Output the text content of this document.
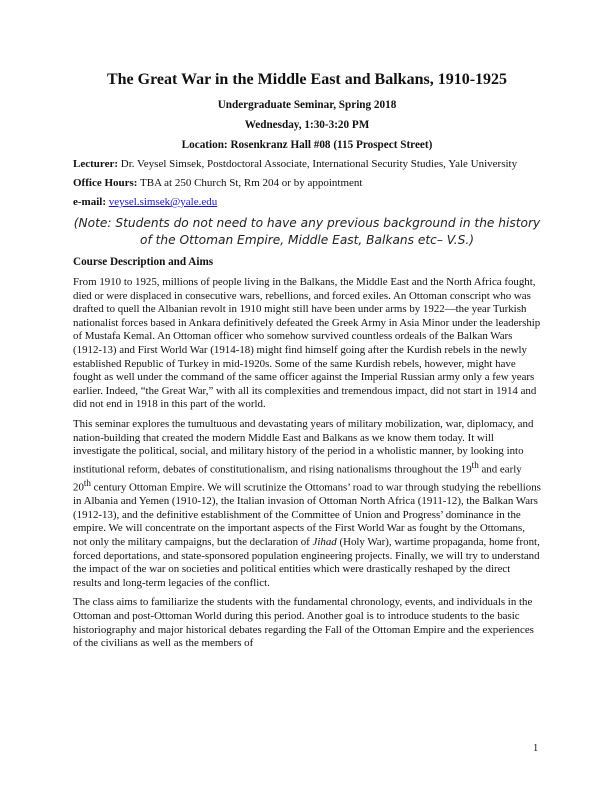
The Great War in the Middle East and Balkans, 1910-1925
Undergraduate Seminar, Spring 2018
Wednesday, 1:30-3:20 PM
Location: Rosenkranz Hall #08 (115 Prospect Street)
Lecturer: Dr. Veysel Simsek, Postdoctoral Associate, International Security Studies, Yale University
Office Hours: TBA at 250 Church St, Rm 204 or by appointment
e-mail: veysel.simsek@yale.edu
(Note: Students do not need to have any previous background in the history of the Ottoman Empire, Middle East, Balkans etc– V.S.)
Course Description and Aims

From 1910 to 1925, millions of people living in the Balkans, the Middle East and the North Africa fought, died or were displaced in consecutive wars, rebellions, and forced exiles. An Ottoman conscript who was drafted to quell the Albanian revolt in 1910 might still have been under arms by 1922—the year Turkish nationalist forces based in Ankara definitively defeated the Greek Army in Asia Minor under the leadership of Mustafa Kemal. An Ottoman officer who somehow survived countless ordeals of the Balkan Wars (1912-13) and First World War (1914-18) might find himself going after the Kurdish rebels in the newly established Republic of Turkey in mid-1920s. Some of the same Kurdish rebels, however, might have fought as well under the command of the same officer against the Imperial Russian army only a few years earlier. Indeed, “the Great War,” with all its complexities and tremendous impact, did not start in 1914 and did not end in 1918 in this part of the world.

This seminar explores the tumultuous and devastating years of military mobilization, war, diplomacy, and nation-building that created the modern Middle East and Balkans as we know them today. It will investigate the political, social, and military history of the period in a wholistic manner, by looking into institutional reform, debates of constitutionalism, and rising nationalisms throughout the 19th and early 20th century Ottoman Empire. We will scrutinize the Ottomans’ road to war through studying the rebellions in Albania and Yemen (1910-12), the Italian invasion of Ottoman North Africa (1911-12), the Balkan Wars (1912-13), and the definitive establishment of the Committee of Union and Progress’ dominance in the empire. We will concentrate on the important aspects of the First World War as fought by the Ottomans, not only the military campaigns, but the declaration of Jihad (Holy War), wartime propaganda, home front, forced deportations, and state-sponsored population engineering projects. Finally, we will try to understand the impact of the war on societies and political entities which were drastically reshaped by the direct results and long-term legacies of the conflict.

The class aims to familiarize the students with the fundamental chronology, events, and individuals in the Ottoman and post-Ottoman World during this period. Another goal is to introduce students to the basic historiography and major historical debates regarding the Fall of the Ottoman Empire and the experiences of the civilians as well as the members of

1
